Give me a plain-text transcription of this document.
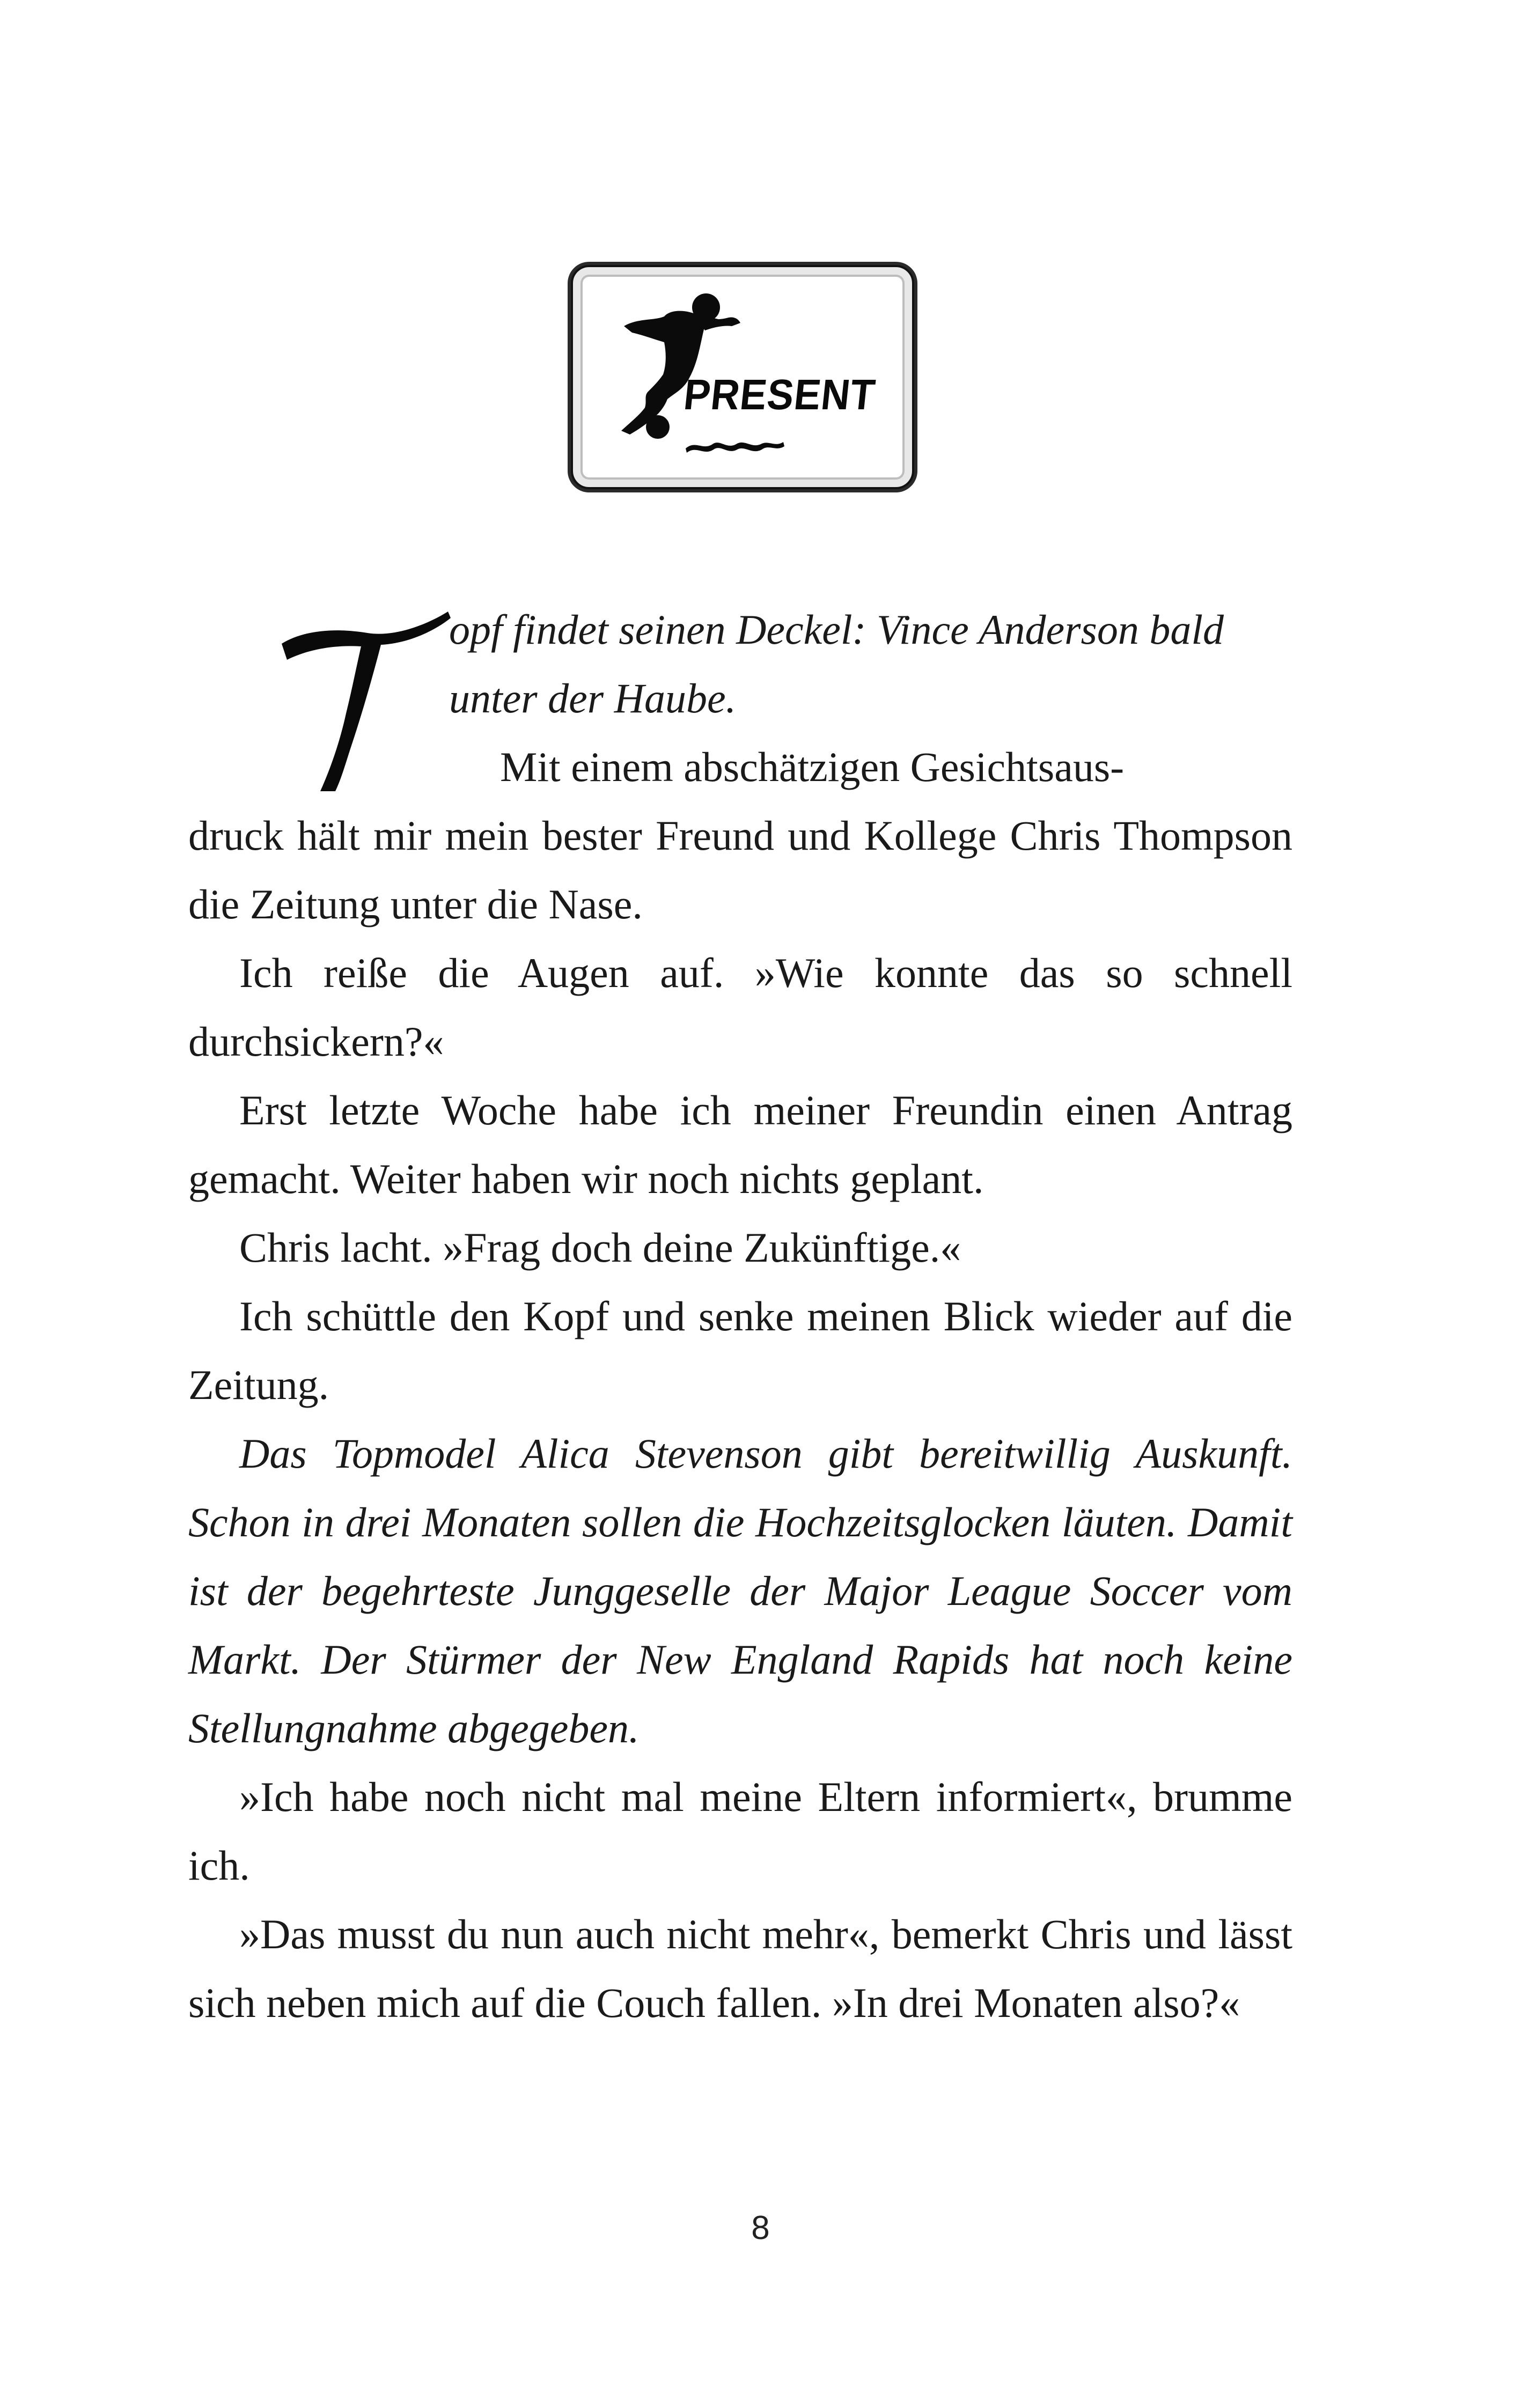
PRESENT
T	opf findet seinen Deckel: Vince Anderson bald unter der Haube.

Mit einem abschätzigen Gesichtsaus-

druck hält mir mein bester Freund und Kollege Chris Thompson die Zeitung unter die Nase.

Ich reiße die Augen auf. »Wie konnte das so schnell durchsickern?«

Erst letzte Woche habe ich meiner Freundin einen Antrag gemacht. Weiter haben wir noch nichts geplant.

Chris lacht. »Frag doch deine Zukünftige.«

Ich schüttle den Kopf und senke meinen Blick wieder auf die Zeitung.

Das Topmodel Alica Stevenson gibt bereitwillig Auskunft. Schon in drei Monaten sollen die Hochzeitsglocken läuten. Damit ist der begehrteste Junggeselle der Major League Soccer vom Markt. Der Stürmer der New England Rapids hat noch keine Stellungnahme abgegeben.

»Ich habe noch nicht mal meine Eltern informiert«, brumme ich.

»Das musst du nun auch nicht mehr«, bemerkt Chris und lässt sich neben mich auf die Couch fallen. »In drei Monaten also?«

8
